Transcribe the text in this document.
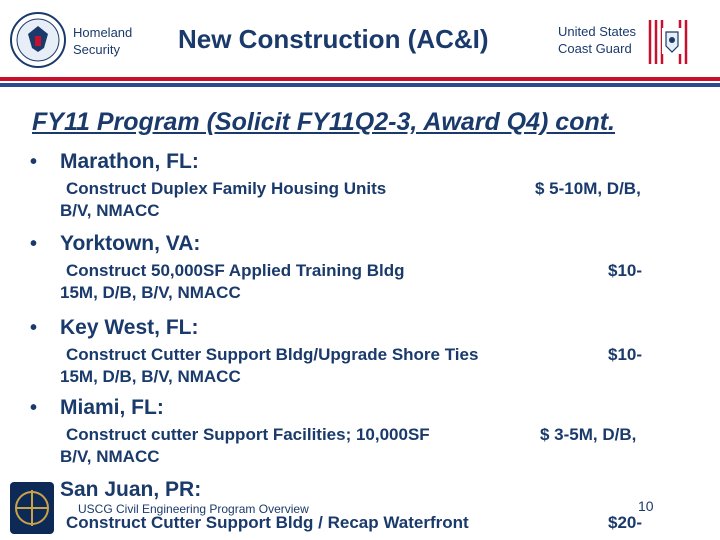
Homeland
Security	New Construction (AC&I)	United States
Coast Guard
FY11 Program (Solicit FY11Q2-3, Award Q4) cont.
• Marathon, FL:
Construct Duplex Family Housing Units	$ 5-10M, D/B,
B/V, NMACC
• Yorktown, VA:
Construct 50,000SF Applied Training Bldg	$10-
15M, D/B, B/V, NMACC
• Key West, FL:
Construct Cutter Support Bldg/Upgrade Shore Ties	$10-
15M, D/B, B/V, NMACC
• Miami, FL:
Construct cutter Support Facilities; 10,000SF	$ 3-5M, D/B,
B/V, NMACC
• San Juan, PR:
Construct Cutter Support Bldg / Recap Waterfront	$20-
USCG Civil Engineering Program Overview	10
